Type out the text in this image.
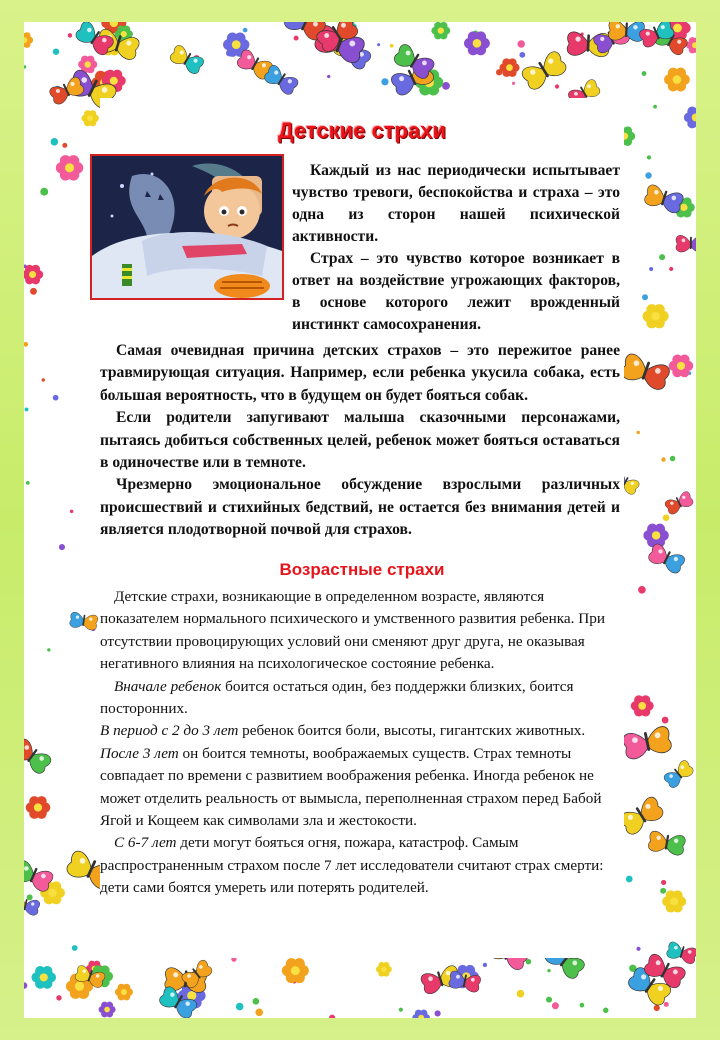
Детские страхи

Каждый из нас периодически испытывает чувство тревоги, беспокойства и страха – это одна из сторон нашей психической активности.

Страх – это чувство которое возникает в ответ на воздействие угрожающих факторов, в основе которого лежит врожденный инстинкт самосохранения.

Самая очевидная причина детских страхов – это пережитое ранее травмирующая ситуация. Например, если ребенка укусила собака, есть большая вероятность, что в будущем он будет бояться собак.

Если родители запугивают малыша сказочными персонажами, пытаясь добиться собственных целей, ребенок может бояться оставаться в одиночестве или в темноте.

Чрезмерно эмоциональное обсуждение взрослыми различных происшествий и стихийных бедствий, не остается без внимания детей и является плодотворной почвой для страхов.

Возрастные страхи

Детские страхи, возникающие в определенном возрасте, являются показателем нормального психического и умственного развития ребенка. При отсутствии провоцирующих условий они сменяют друг друга, не оказывая негативного влияния на психологическое состояние ребенка.

Вначале ребенок боится остаться один, без поддержки близких, боится посторонних.

В период с 2 до 3 лет ребенок боится боли, высоты, гигантских животных. После 3 лет он боится темноты, воображаемых существ. Страх темноты совпадает по времени с развитием воображения ребенка. Иногда ребенок не может отделить реальность от вымысла, переполненная страхом перед Бабой Ягой и Кощеем как символами зла и жестокости.

С 6-7 лет дети могут бояться огня, пожара, катастроф. Самым распространенным страхом после 7 лет исследователи считают страх смерти: дети сами боятся умереть или потерять родителей.
